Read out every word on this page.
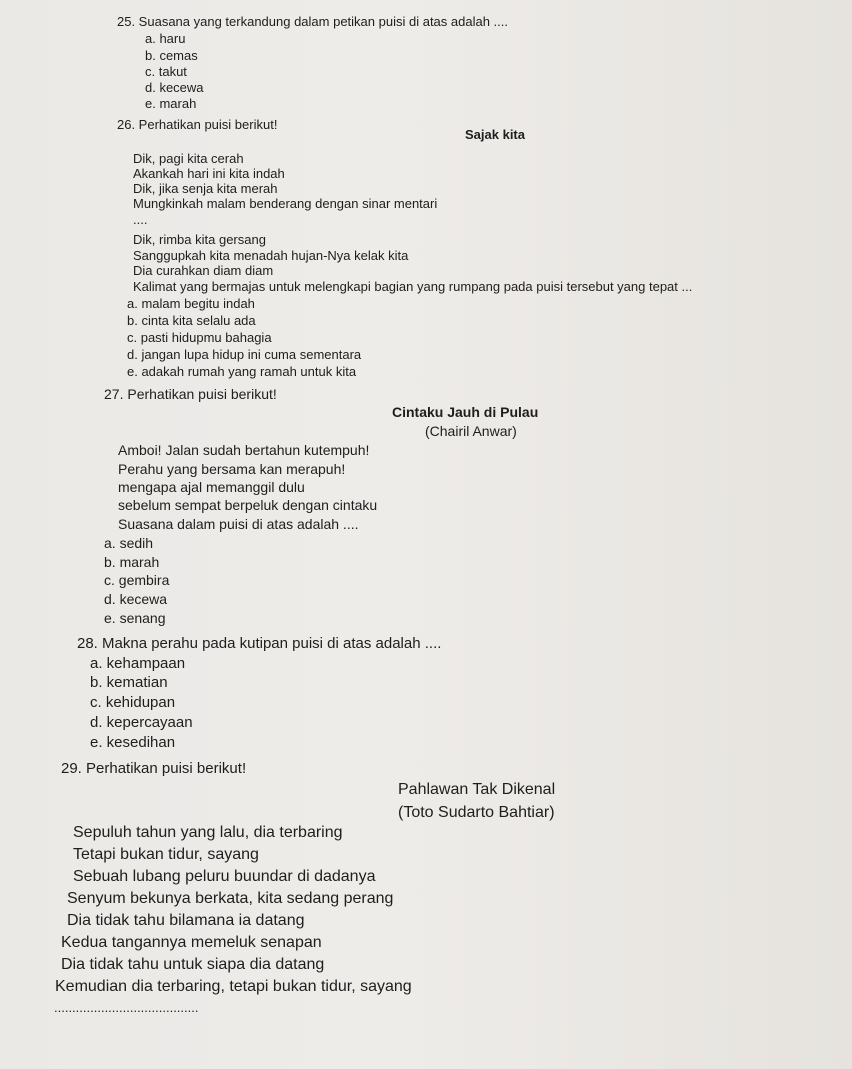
25. Suasana yang terkandung dalam petikan puisi di atas adalah ....
a. haru
b. cemas
c. takut
d. kecewa
e. marah
26. Perhatikan puisi berikut!
Sajak kita
Dik, pagi kita cerah
Akankah hari ini kita indah
Dik, jika senja kita merah
Mungkinkah malam benderang dengan sinar mentari
....
Dik, rimba kita gersang
Sanggupkah kita menadah hujan-Nya kelak kita
Dia curahkan diam diam
Kalimat yang bermajas untuk melengkapi bagian yang rumpang pada puisi tersebut yang tepat ...
a. malam begitu indah
b. cinta kita selalu ada
c. pasti hidupmu bahagia
d. jangan lupa hidup ini cuma sementara
e. adakah rumah yang ramah untuk kita
27. Perhatikan puisi berikut!
Cintaku Jauh di Pulau
(Chairil Anwar)
Amboi! Jalan sudah bertahun kutempuh!
Perahu yang bersama kan merapuh!
mengapa ajal memanggil dulu
sebelum sempat berpeluk dengan cintaku
Suasana dalam puisi di atas adalah ....
a. sedih
b. marah
c. gembira
d. kecewa
e. senang
28. Makna perahu pada kutipan puisi di atas adalah ....
a. kehampaan
b. kematian
c. kehidupan
d. kepercayaan
e. kesedihan
29. Perhatikan puisi berikut!
Pahlawan Tak Dikenal
(Toto Sudarto Bahtiar)
Sepuluh tahun yang lalu, dia terbaring
Tetapi bukan tidur, sayang
Sebuah lubang peluru buundar di dadanya
Senyum bekunya berkata, kita sedang perang
Dia tidak tahu bilamana ia datang
Kedua tangannya memeluk senapan
Dia tidak tahu untuk siapa dia datang
Kemudian dia terbaring, tetapi bukan tidur, sayang
........................................
